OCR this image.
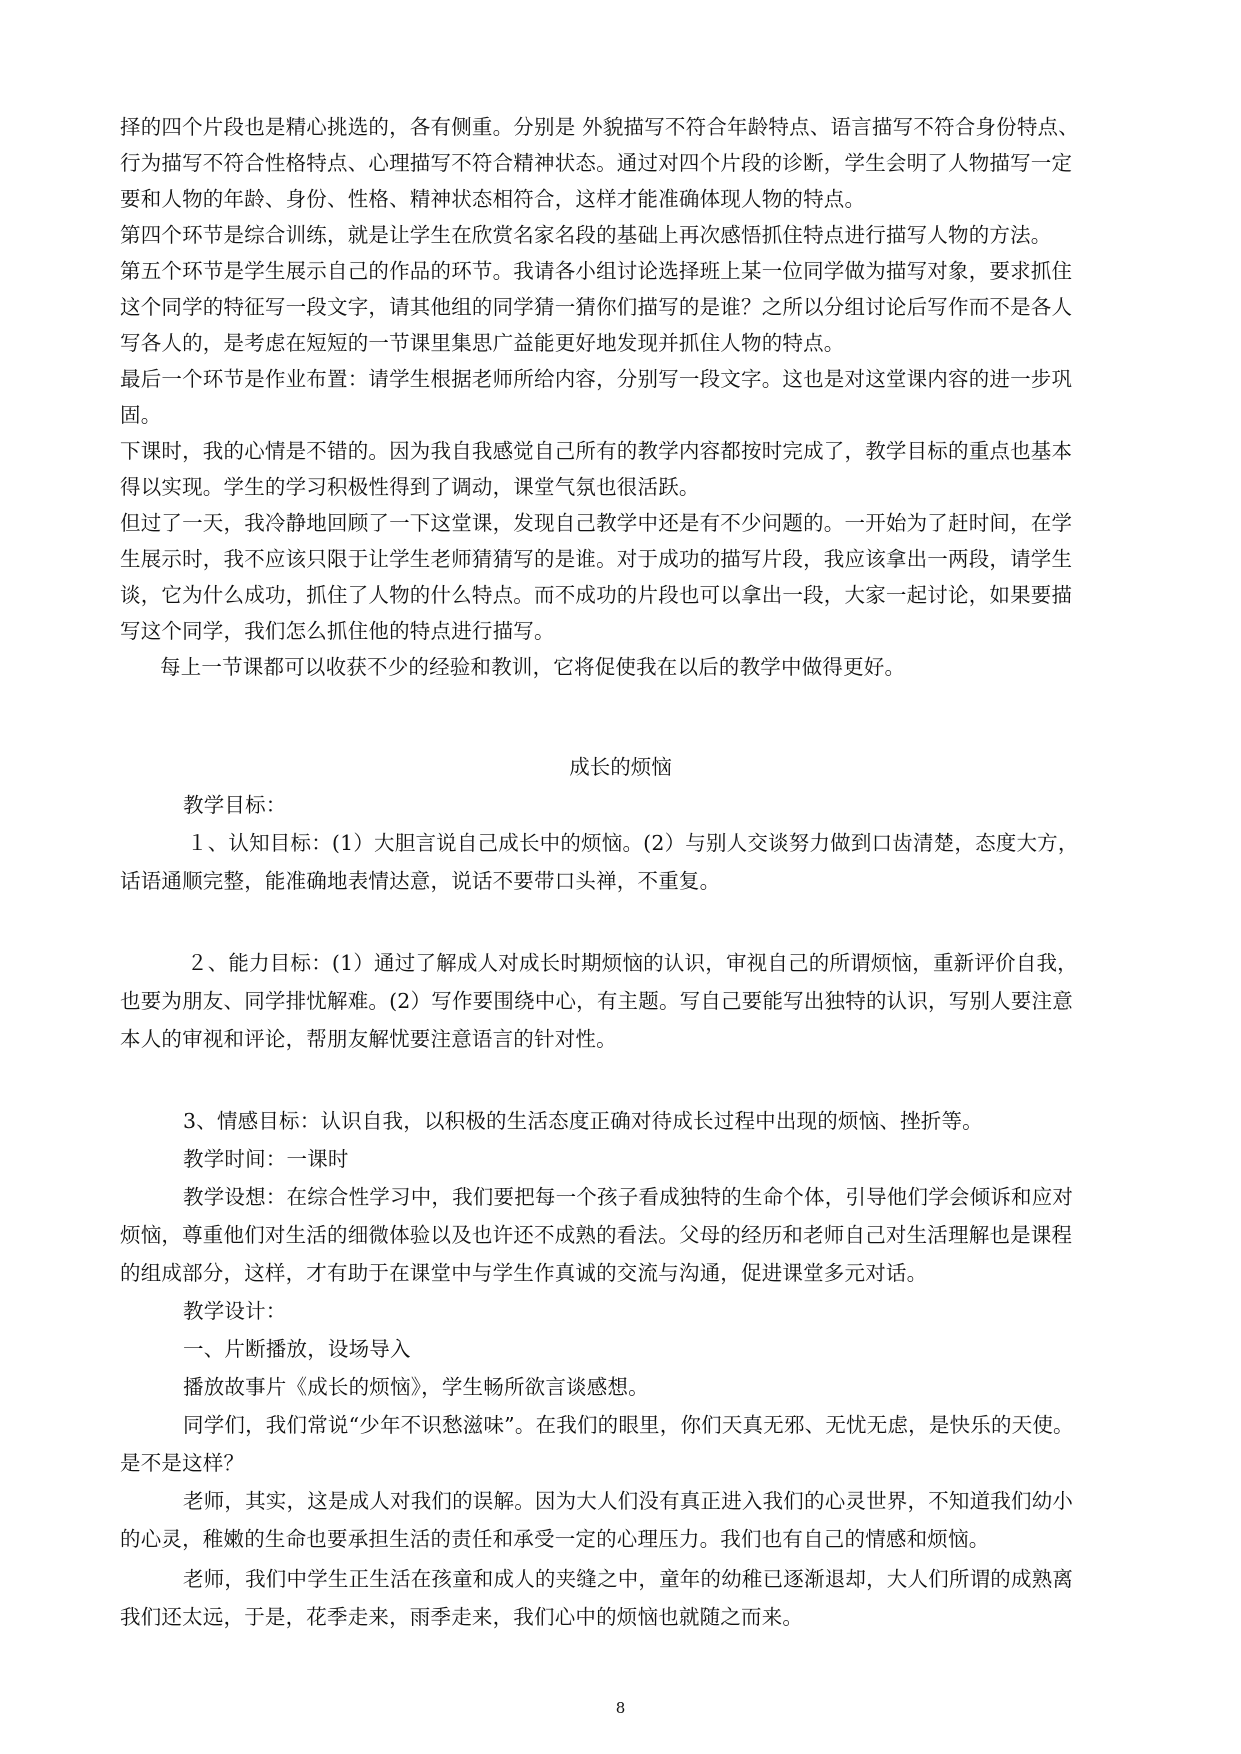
择的四个片段也是精心挑选的，各有侧重。分别是 外貌描写不符合年龄特点、语言描写不符合身份特点、
行为描写不符合性格特点、心理描写不符合精神状态。通过对四个片段的诊断，学生会明了人物描写一定
要和人物的年龄、身份、性格、精神状态相符合，这样才能准确体现人物的特点。
第四个环节是综合训练，就是让学生在欣赏名家名段的基础上再次感悟抓住特点进行描写人物的方法。
第五个环节是学生展示自己的作品的环节。我请各小组讨论选择班上某一位同学做为描写对象，要求抓住
这个同学的特征写一段文字，请其他组的同学猜一猜你们描写的是谁？之所以分组讨论后写作而不是各人
写各人的，是考虑在短短的一节课里集思广益能更好地发现并抓住人物的特点。
最后一个环节是作业布置：请学生根据老师所给内容，分别写一段文字。这也是对这堂课内容的进一步巩
固。
下课时，我的心情是不错的。因为我自我感觉自己所有的教学内容都按时完成了，教学目标的重点也基本
得以实现。学生的学习积极性得到了调动，课堂气氛也很活跃。
但过了一天，我冷静地回顾了一下这堂课，发现自己教学中还是有不少问题的。一开始为了赶时间，在学
生展示时，我不应该只限于让学生老师猜猜写的是谁。对于成功的描写片段，我应该拿出一两段，请学生
谈，它为什么成功，抓住了人物的什么特点。而不成功的片段也可以拿出一段，大家一起讨论，如果要描
写这个同学，我们怎么抓住他的特点进行描写。
每上一节课都可以收获不少的经验和教训，它将促使我在以后的教学中做得更好。
成长的烦恼
教学目标：
１、认知目标：(1）大胆言说自己成长中的烦恼。(2）与别人交谈努力做到口齿清楚，态度大方，
话语通顺完整，能准确地表情达意，说话不要带口头禅，不重复。
２、能力目标：(1）通过了解成人对成长时期烦恼的认识，审视自己的所谓烦恼，重新评价自我，
也要为朋友、同学排忧解难。(2）写作要围绕中心，有主题。写自己要能写出独特的认识，写别人要注意
本人的审视和评论，帮朋友解忧要注意语言的针对性。
3、情感目标：认识自我，以积极的生活态度正确对待成长过程中出现的烦恼、挫折等。
教学时间：一课时
教学设想：在综合性学习中，我们要把每一个孩子看成独特的生命个体，引导他们学会倾诉和应对
烦恼，尊重他们对生活的细微体验以及也许还不成熟的看法。父母的经历和老师自己对生活理解也是课程
的组成部分，这样，才有助于在课堂中与学生作真诚的交流与沟通，促进课堂多元对话。
教学设计：
一、片断播放，设场导入
播放故事片《成长的烦恼》，学生畅所欲言谈感想。
同学们，我们常说“少年不识愁滋味”。在我们的眼里，你们天真无邪、无忧无虑，是快乐的天使。
是不是这样？
老师，其实，这是成人对我们的误解。因为大人们没有真正进入我们的心灵世界，不知道我们幼小
的心灵，稚嫩的生命也要承担生活的责任和承受一定的心理压力。我们也有自己的情感和烦恼。
老师，我们中学生正生活在孩童和成人的夹缝之中，童年的幼稚已逐渐退却，大人们所谓的成熟离
我们还太远，于是，花季走来，雨季走来，我们心中的烦恼也就随之而来。
8
